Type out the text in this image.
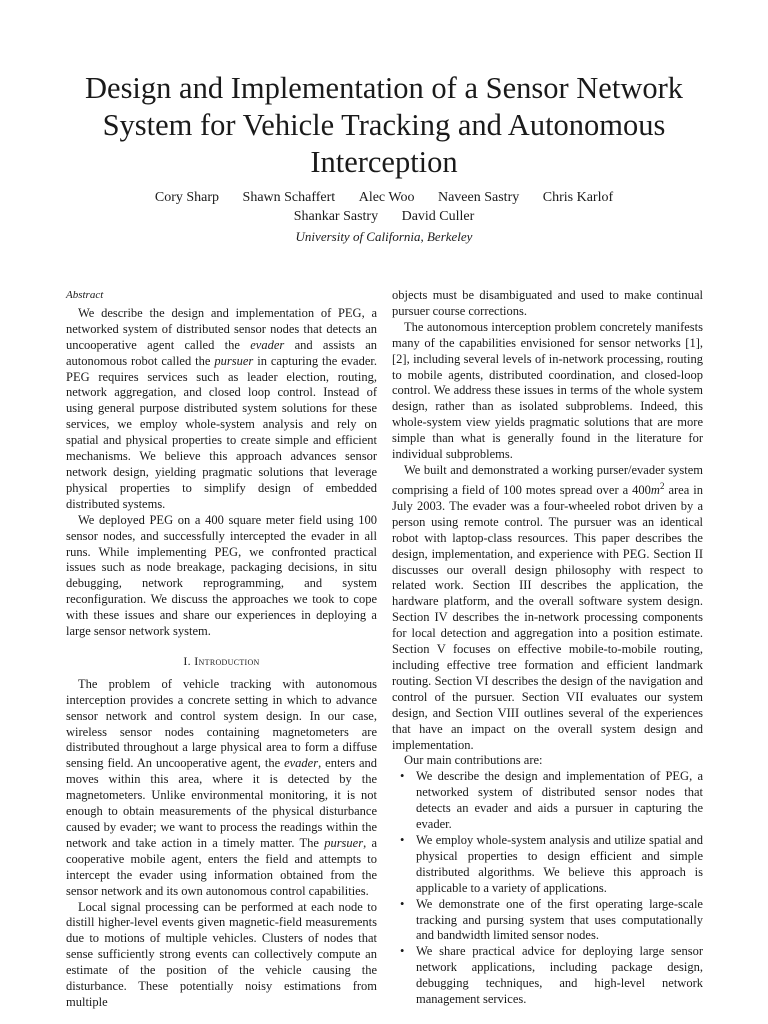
Design and Implementation of a Sensor Network System for Vehicle Tracking and Autonomous Interception
Cory Sharp Shawn Schaffert Alec Woo Naveen Sastry Chris Karlof
Shankar Sastry David Culler
University of California, Berkeley
Abstract

We describe the design and implementation of PEG, a networked system of distributed sensor nodes that detects an uncooperative agent called the evader and assists an autonomous robot called the pursuer in capturing the evader. PEG requires services such as leader election, routing, network aggregation, and closed loop control. Instead of using general purpose distributed system solutions for these services, we employ whole-system analysis and rely on spatial and physical properties to create simple and efficient mechanisms. We believe this approach advances sensor network design, yielding pragmatic solutions that leverage physical properties to simplify design of embedded distributed systems.

We deployed PEG on a 400 square meter field using 100 sensor nodes, and successfully intercepted the evader in all runs. While implementing PEG, we confronted practical issues such as node breakage, packaging decisions, in situ debugging, network reprogramming, and system reconfiguration. We discuss the approaches we took to cope with these issues and share our experiences in deploying a large sensor network system.

I. Introduction

The problem of vehicle tracking with autonomous interception provides a concrete setting in which to advance sensor network and control system design. In our case, wireless sensor nodes containing magnetometers are distributed throughout a large physical area to form a diffuse sensing field. An uncooperative agent, the evader, enters and moves within this area, where it is detected by the magnetometers. Unlike environmental monitoring, it is not enough to obtain measurements of the physical disturbance caused by evader; we want to process the readings within the network and take action in a timely matter. The pursuer, a cooperative mobile agent, enters the field and attempts to intercept the evader using information obtained from the sensor network and its own autonomous control capabilities.

Local signal processing can be performed at each node to distill higher-level events given magnetic-field measurements due to motions of multiple vehicles. Clusters of nodes that sense sufficiently strong events can collectively compute an estimate of the position of the vehicle causing the disturbance. These potentially noisy estimations from multiple

objects must be disambiguated and used to make continual pursuer course corrections.

The autonomous interception problem concretely manifests many of the capabilities envisioned for sensor networks [1], [2], including several levels of in-network processing, routing to mobile agents, distributed coordination, and closed-loop control. We address these issues in terms of the whole system design, rather than as isolated subproblems. Indeed, this whole-system view yields pragmatic solutions that are more simple than what is generally found in the literature for individual subproblems.

We built and demonstrated a working purser/evader system comprising a field of 100 motes spread over a $400m^2$ area in July 2003. The evader was a four-wheeled robot driven by a person using remote control. The pursuer was an identical robot with laptop-class resources. This paper describes the design, implementation, and experience with PEG. Section II discusses our overall design philosophy with respect to related work. Section III describes the application, the hardware platform, and the overall software system design. Section IV describes the in-network processing components for local detection and aggregation into a position estimate. Section V focuses on effective mobile-to-mobile routing, including effective tree formation and efficient landmark routing. Section VI describes the design of the navigation and control of the pursuer. Section VII evaluates our system design, and Section VIII outlines several of the experiences that have an impact on the overall system design and implementation.

Our main contributions are:

• We describe the design and implementation of PEG, a networked system of distributed sensor nodes that detects an evader and aids a pursuer in capturing the evader.
• We employ whole-system analysis and utilize spatial and physical properties to design efficient and simple distributed algorithms. We believe this approach is applicable to a variety of applications.
• We demonstrate one of the first operating large-scale tracking and pursing system that uses computationally and bandwidth limited sensor nodes.
• We share practical advice for deploying large sensor network applications, including package design, debugging techniques, and high-level network management services.
